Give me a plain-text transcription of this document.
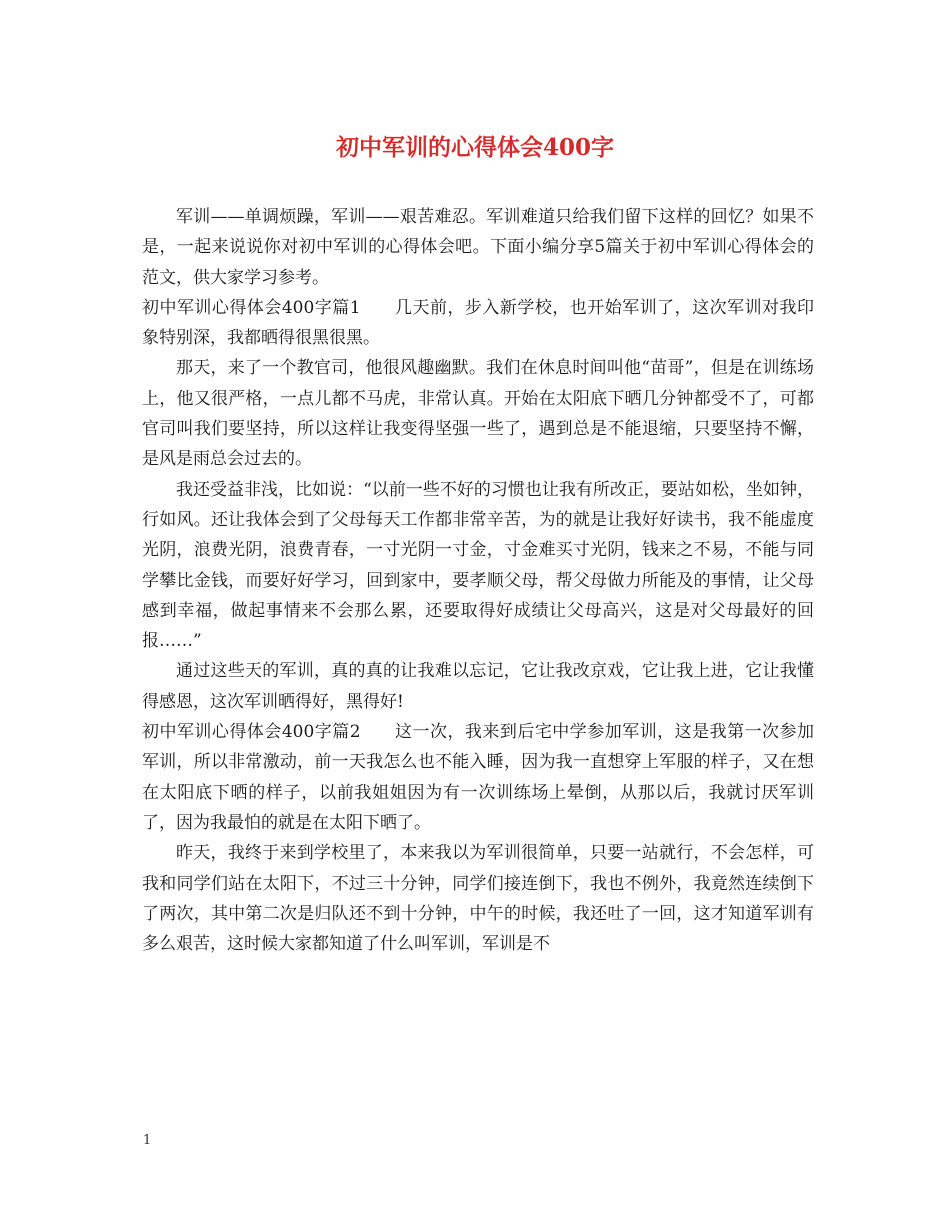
初中军训的心得体会400字

军训——单调烦躁，军训——艰苦难忍。军训难道只给我们留下这样的回忆？如果不是，一起来说说你对初中军训的心得体会吧。下面小编分享5篇关于初中军训心得体会的范文，供大家学习参考。

初中军训心得体会400字篇1 几天前，步入新学校，也开始军训了，这次军训对我印象特别深，我都晒得很黑很黑。

那天，来了一个教官司，他很风趣幽默。我们在休息时间叫他“苗哥”，但是在训练场上，他又很严格，一点儿都不马虎，非常认真。开始在太阳底下晒几分钟都受不了，可都官司叫我们要坚持，所以这样让我变得坚强一些了，遇到总是不能退缩，只要坚持不懈，是风是雨总会过去的。

我还受益非浅，比如说：“以前一些不好的习惯也让我有所改正，要站如松，坐如钟，行如风。还让我体会到了父母每天工作都非常辛苦，为的就是让我好好读书，我不能虚度光阴，浪费光阴，浪费青春，一寸光阴一寸金，寸金难买寸光阴，钱来之不易，不能与同学攀比金钱，而要好好学习，回到家中，要孝顺父母，帮父母做力所能及的事情，让父母感到幸福，做起事情来不会那么累，还要取得好成绩让父母高兴，这是对父母最好的回报……”

通过这些天的军训，真的真的让我难以忘记，它让我改京戏，它让我上进，它让我懂得感恩，这次军训晒得好，黑得好!

初中军训心得体会400字篇2 这一次，我来到后宅中学参加军训，这是我第一次参加军训，所以非常激动，前一天我怎么也不能入睡，因为我一直想穿上军服的样子，又在想在太阳底下晒的样子，以前我姐姐因为有一次训练场上晕倒，从那以后，我就讨厌军训了，因为我最怕的就是在太阳下晒了。

昨天，我终于来到学校里了，本来我以为军训很简单，只要一站就行，不会怎样，可我和同学们站在太阳下，不过三十分钟，同学们接连倒下，我也不例外，我竟然连续倒下了两次，其中第二次是归队还不到十分钟，中午的时候，我还吐了一回，这才知道军训有多么艰苦，这时候大家都知道了什么叫军训，军训是不

1
